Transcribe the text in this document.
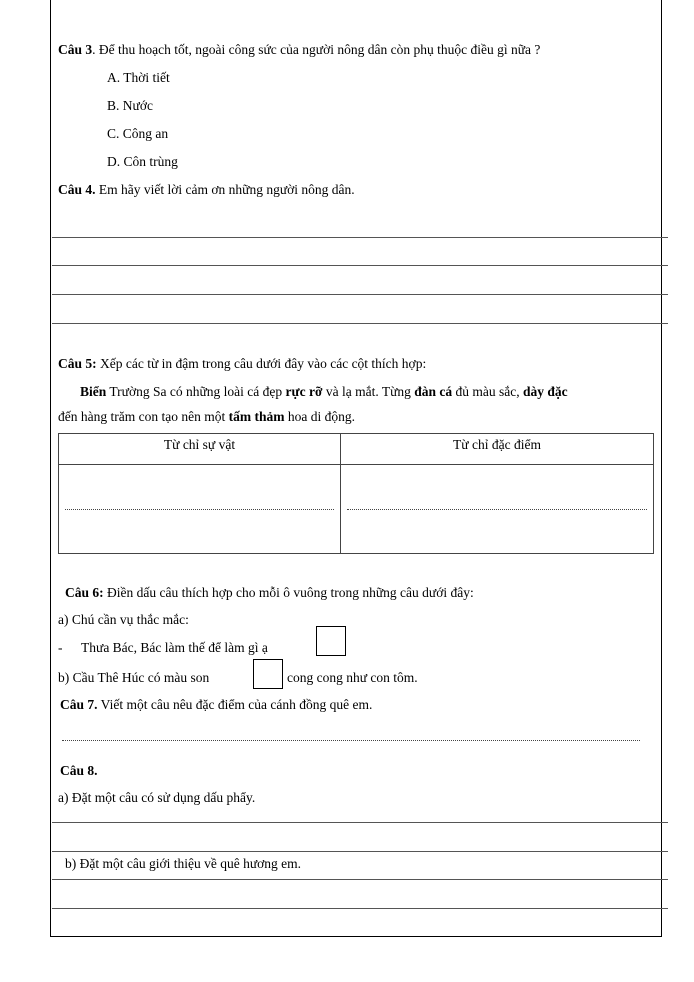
Câu 3. Để thu hoạch tốt, ngoài công sức của người nông dân còn phụ thuộc điều gì nữa ?
A. Thời tiết
B. Nước
C. Công an
D. Côn trùng
Câu 4. Em hãy viết lời cảm ơn những người nông dân.
Câu 5: Xếp các từ in đậm trong câu dưới đây vào các cột thích hợp:
Biển Trường Sa có những loài cá đẹp rực rỡ và lạ mắt. Từng đàn cá đủ màu sắc, dày đặc
đến hàng trăm con tạo nên một tấm thảm hoa di động.
Từ chỉ sự vật	Từ chỉ đặc điểm

Câu 6: Điền dấu câu thích hợp cho mỗi ô vuông trong những câu dưới đây:
a) Chú cần vụ thắc mắc:
- Thưa Bác, Bác làm thế để làm gì ạ
b) Cầu Thê Húc có màu son	cong cong như con tôm.
Câu 7. Viết một câu nêu đặc điểm của cánh đồng quê em.
Câu 8.
a) Đặt một câu có sử dụng dấu phẩy.
b) Đặt một câu giới thiệu về quê hương em.
